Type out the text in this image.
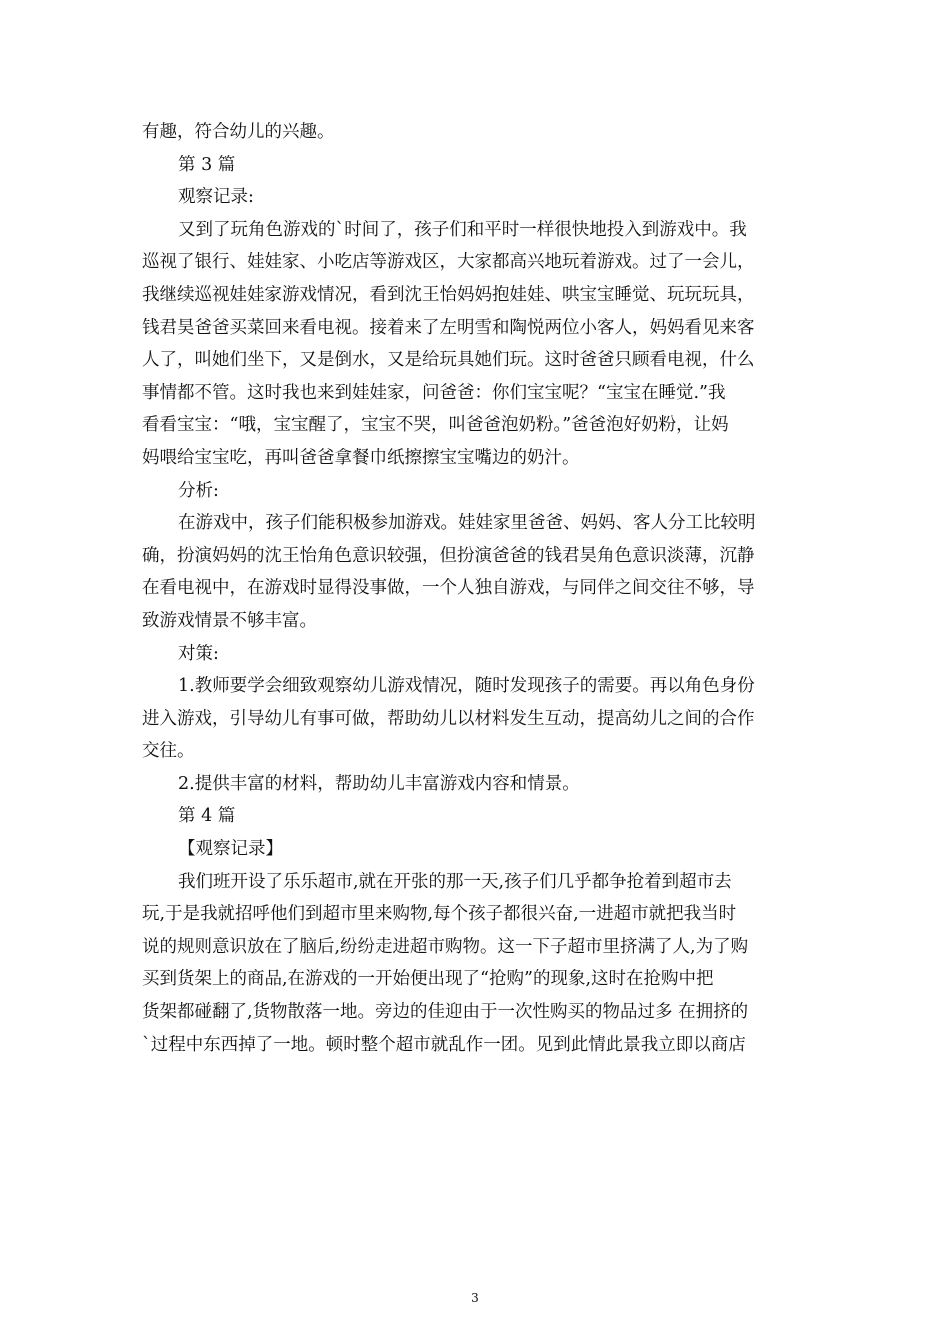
有趣，符合幼儿的兴趣。
第 3 篇
观察记录:
又到了玩角色游戏的`时间了，孩子们和平时一样很快地投入到游戏中。我
巡视了银行、娃娃家、小吃店等游戏区，大家都高兴地玩着游戏。过了一会儿，
我继续巡视娃娃家游戏情况，看到沈王怡妈妈抱娃娃、哄宝宝睡觉、玩玩玩具，
钱君昊爸爸买菜回来看电视。接着来了左明雪和陶悦两位小客人，妈妈看见来客
人了，叫她们坐下，又是倒水，又是给玩具她们玩。这时爸爸只顾看电视，什么
事情都不管。这时我也来到娃娃家，问爸爸：你们宝宝呢？“宝宝在睡觉.”我
看看宝宝：“哦，宝宝醒了，宝宝不哭，叫爸爸泡奶粉。”爸爸泡好奶粉，让妈
妈喂给宝宝吃，再叫爸爸拿餐巾纸擦擦宝宝嘴边的奶汁。
分析:
在游戏中，孩子们能积极参加游戏。娃娃家里爸爸、妈妈、客人分工比较明
确，扮演妈妈的沈王怡角色意识较强，但扮演爸爸的钱君昊角色意识淡薄，沉静
在看电视中，在游戏时显得没事做，一个人独自游戏，与同伴之间交往不够，导
致游戏情景不够丰富。
对策:
1.教师要学会细致观察幼儿游戏情况，随时发现孩子的需要。再以角色身份
进入游戏，引导幼儿有事可做，帮助幼儿以材料发生互动，提高幼儿之间的合作
交往。
2.提供丰富的材料，帮助幼儿丰富游戏内容和情景。
第 4 篇
【观察记录】
我们班开设了乐乐超市,就在开张的那一天,孩子们几乎都争抢着到超市去
玩,于是我就招呼他们到超市里来购物,每个孩子都很兴奋,一进超市就把我当时
说的规则意识放在了脑后,纷纷走进超市购物。这一下子超市里挤满了人,为了购
买到货架上的商品,在游戏的一开始便出现了“抢购”的现象,这时在抢购中把
货架都碰翻了,货物散落一地。旁边的佳迎由于一次性购买的物品过多 在拥挤的
`过程中东西掉了一地。顿时整个超市就乱作一团。见到此情此景我立即以商店
3
